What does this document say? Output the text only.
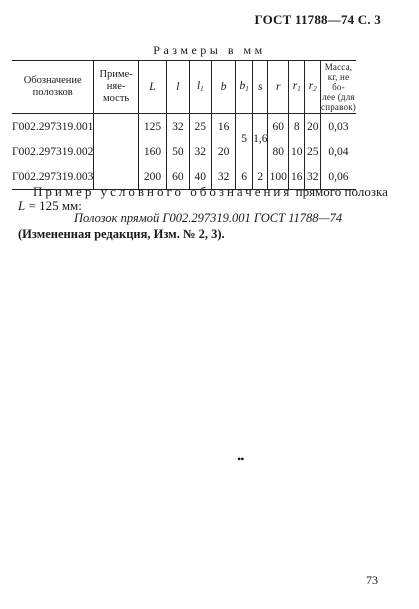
ГОСТ 11788—74 С. 3
Размеры в мм
Обозначение
полозков	Приме-
няе-
мость	L	l	$l_1$	b	$b_1$	s	r	$r_1$	$r_2$	Масса,
кг, не бо-
лее (для
справок)
Г002.297319.001		125	32	25	16	5	1,6	60	8	20	0,03
Г002.297319.002		160	50	32	20			80	10	25	0,04
Г002.297319.003		200	60	40	32	6	2	100	16	32	0,06
Пример условного обозначения прямого полозка
L = 125 мм:
Полозок прямой Г002.297319.001 ГОСТ 11788—74
(Измененная редакция, Изм. № 2, 3).
••
73
